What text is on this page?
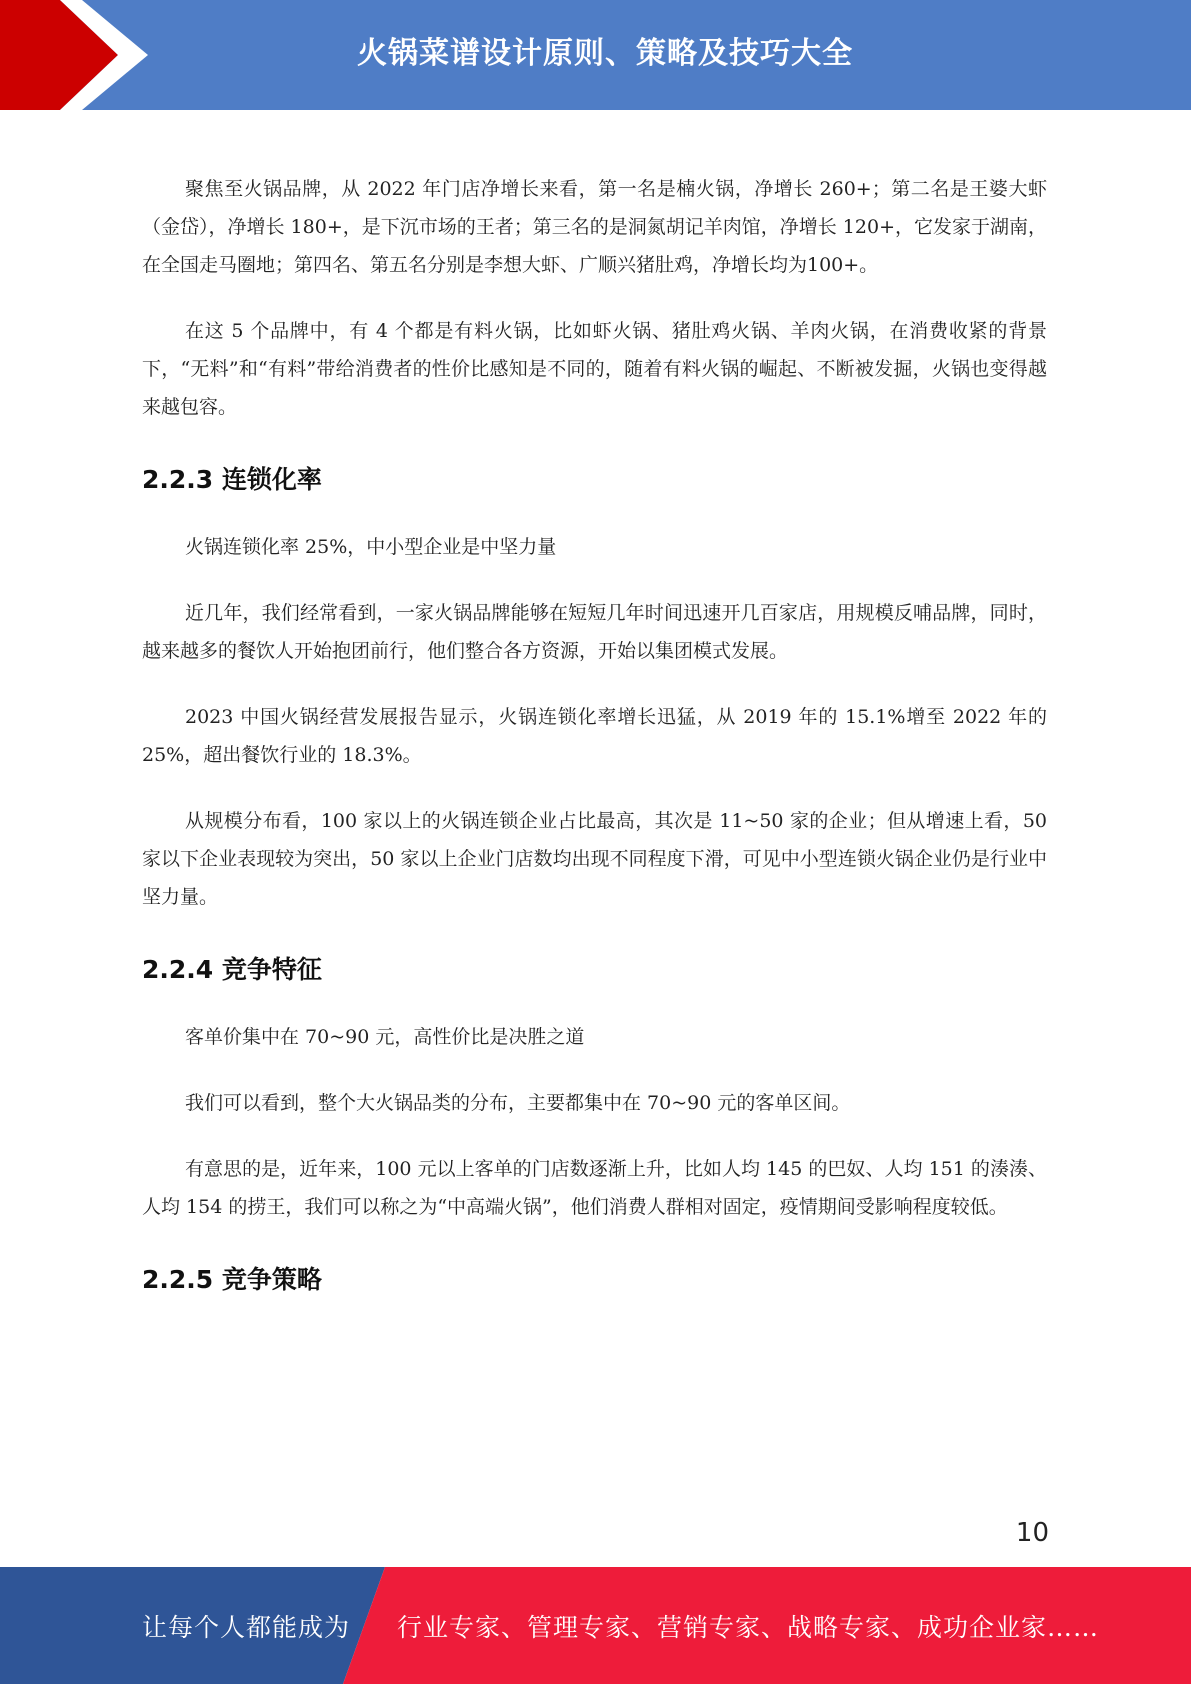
火锅菜谱设计原则、策略及技巧大全

聚焦至火锅品牌，从 2022 年门店净增长来看，第一名是楠火锅，净增长 260+；第二名是王婆大虾（金岱），净增长 180+，是下沉市场的王者；第三名的是洞氮胡记羊肉馆，净增长 120+，它发家于湖南，在全国走马圈地；第四名、第五名分别是李想大虾、广顺兴猪肚鸡，净增长均为100+。

在这 5 个品牌中，有 4 个都是有料火锅，比如虾火锅、猪肚鸡火锅、羊肉火锅，在消费收紧的背景下，“无料”和“有料”带给消费者的性价比感知是不同的，随着有料火锅的崛起、不断被发掘，火锅也变得越来越包容。

2.2.3 连锁化率

火锅连锁化率 25%，中小型企业是中坚力量

近几年，我们经常看到，一家火锅品牌能够在短短几年时间迅速开几百家店，用规模反哺品牌，同时，越来越多的餐饮人开始抱团前行，他们整合各方资源，开始以集团模式发展。

2023 中国火锅经营发展报告显示，火锅连锁化率增长迅猛，从 2019 年的 15.1%增至 2022 年的 25%，超出餐饮行业的 18.3%。

从规模分布看，100 家以上的火锅连锁企业占比最高，其次是 11~50 家的企业；但从增速上看，50 家以下企业表现较为突出，50 家以上企业门店数均出现不同程度下滑，可见中小型连锁火锅企业仍是行业中坚力量。

2.2.4 竞争特征

客单价集中在 70~90 元，高性价比是决胜之道

我们可以看到，整个大火锅品类的分布，主要都集中在 70~90 元的客单区间。

有意思的是，近年来，100 元以上客单的门店数逐渐上升，比如人均 145 的巴奴、人均 151 的湊湊、人均 154 的捞王，我们可以称之为“中高端火锅”，他们消费人群相对固定，疫情期间受影响程度较低。

2.2.5 竞争策略
10
让每个人都能成为 行业专家、管理专家、营销专家、战略专家、成功企业家……
